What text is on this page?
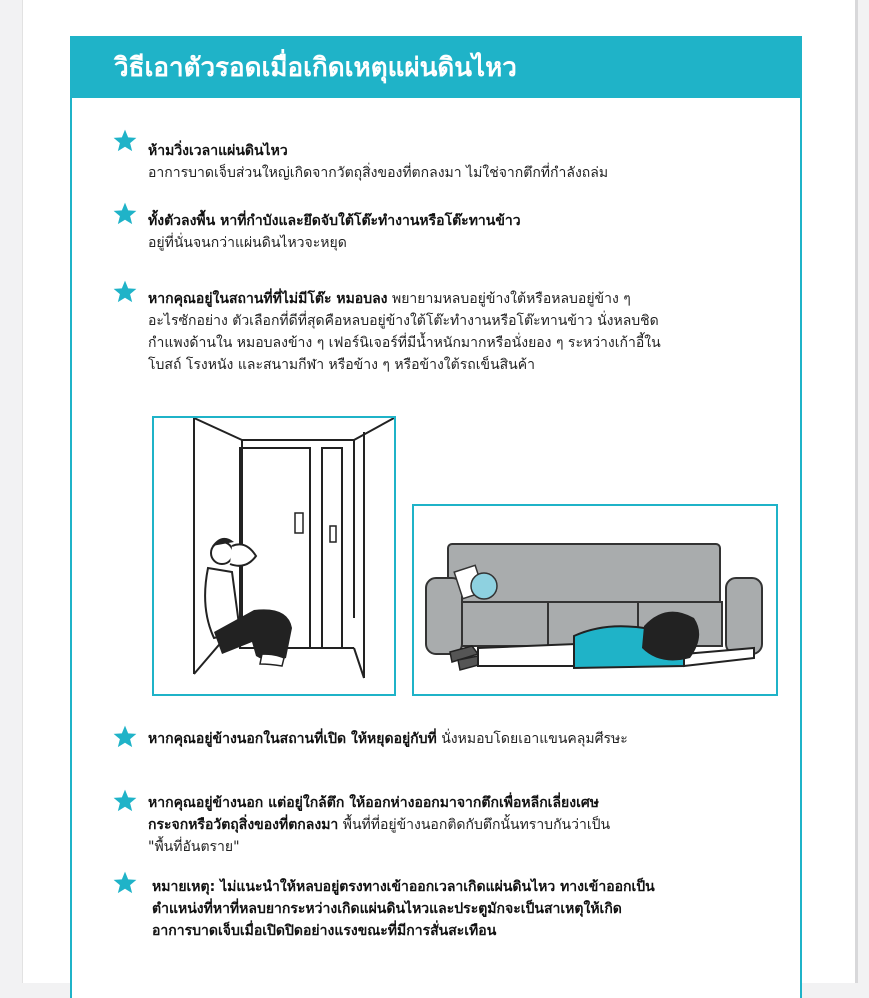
วิธีเอาตัวรอดเมื่อเกิดเหตุแผ่นดินไหว
ห้ามวิ่งเวลาแผ่นดินไหว
อาการบาดเจ็บส่วนใหญ่เกิดจากวัตถุสิ่งของที่ตกลงมา ไม่ใช่จากตึกที่กำลังถล่ม
ทั้งตัวลงพื้น หาที่กำบังและยึดจับใต้โต๊ะทำงานหรือโต๊ะทานข้าว
อยู่ที่นั่นจนกว่าแผ่นดินไหวจะหยุด
หากคุณอยู่ในสถานที่ที่ไม่มีโต๊ะ หมอบลง พยายามหลบอยู่ข้างใต้หรือหลบอยู่ข้าง ๆ
อะไรซักอย่าง ตัวเลือกที่ดีที่สุดคือหลบอยู่ข้างใต้โต๊ะทำงานหรือโต๊ะทานข้าว นั่งหลบชิด
กำแพงด้านใน หมอบลงข้าง ๆ เฟอร์นิเจอร์ที่มีน้ำหนักมากหรือนั่งยอง ๆ ระหว่างเก้าอี้ใน
โบสถ์ โรงหนัง และสนามกีฬา หรือข้าง ๆ หรือข้างใต้รถเข็นสินค้า
หากคุณอยู่ข้างนอกในสถานที่เปิด ให้หยุดอยู่กับที่ นั่งหมอบโดยเอาแขนคลุมศีรษะ
หากคุณอยู่ข้างนอก แต่อยู่ใกล้ตึก ให้ออกห่างออกมาจากตึกเพื่อหลีกเลี่ยงเศษ
กระจกหรือวัตถุสิ่งของที่ตกลงมา พื้นที่ที่อยู่ข้างนอกติดกับตึกนั้นทราบกันว่าเป็น
"พื้นที่อันตราย"
หมายเหตุ: ไม่แนะนำให้หลบอยู่ตรงทางเข้าออกเวลาเกิดแผ่นดินไหว ทางเข้าออกเป็น
ตำแหน่งที่หาที่หลบยากระหว่างเกิดแผ่นดินไหวและประตูมักจะเป็นสาเหตุให้เกิด
อาการบาดเจ็บเมื่อเปิดปิดอย่างแรงขณะที่มีการสั่นสะเทือน
